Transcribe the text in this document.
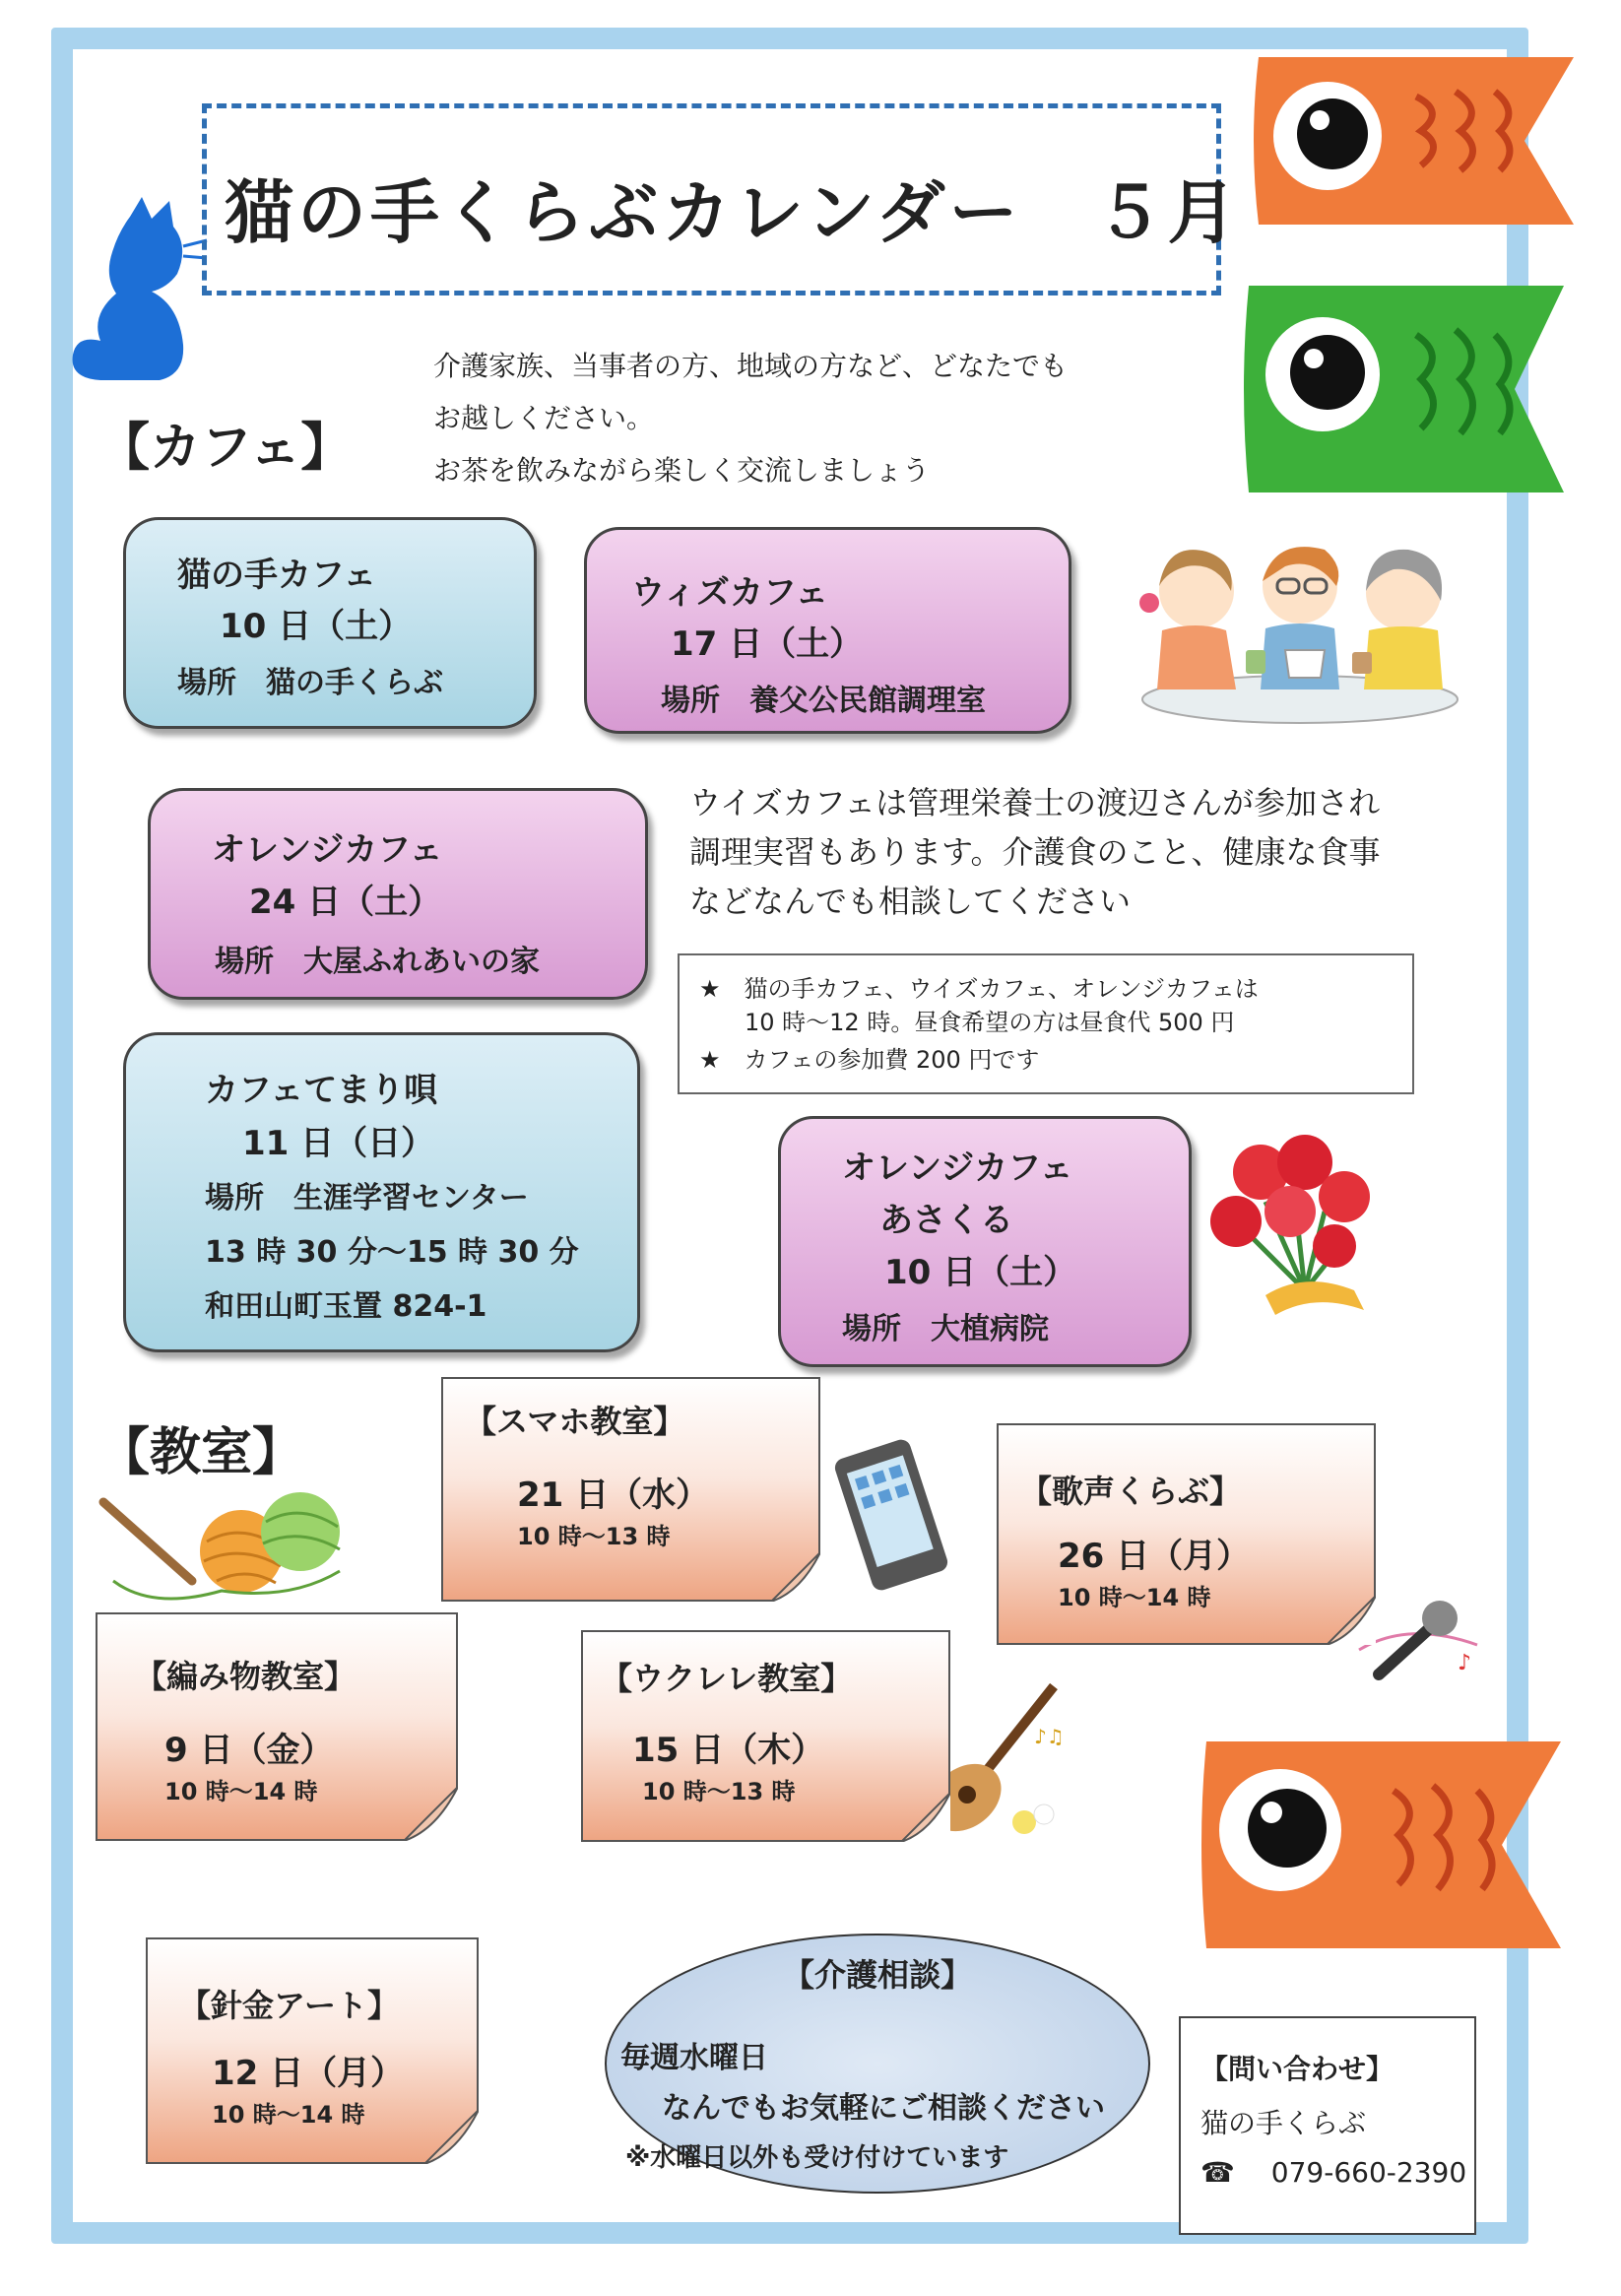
猫の手くらぶカレンダー　５月
【カフェ】
介護家族、当事者の方、地域の方など、どなたでも
お越しください。
お茶を飲みながら楽しく交流しましょう
猫の手カフェ
10 日（土）
場所　猫の手くらぶ
ウィズカフェ
17 日（土）
場所　養父公民館調理室
オレンジカフェ
24 日（土）
場所　大屋ふれあいの家
カフェてまり唄
11 日（日）
場所　生涯学習センター
13 時 30 分～15 時 30 分
和田山町玉置 824-1
オレンジカフェ
あさくる
10 日（土）
場所　大植病院
ウイズカフェは管理栄養士の渡辺さんが参加され
調理実習もあります。介護食のこと、健康な食事
などなんでも相談してください
★　猫の手カフェ、ウイズカフェ、オレンジカフェは
10 時～12 時。昼食希望の方は昼食代 500 円
★　カフェの参加費 200 円です
【教室】
♪
♪♫
【スマホ教室】
21 日（水）
10 時～13 時
【歌声くらぶ】
26 日（月）
10 時～14 時
【編み物教室】
9 日（金）
10 時～14 時
【ウクレレ教室】
15 日（木）
10 時～13 時
【針金アート】
12 日（月）
10 時～14 時
【介護相談】
毎週水曜日
なんでもお気軽にご相談ください
※水曜日以外も受け付けています
【問い合わせ】
猫の手くらぶ
☎ 079-660-2390
